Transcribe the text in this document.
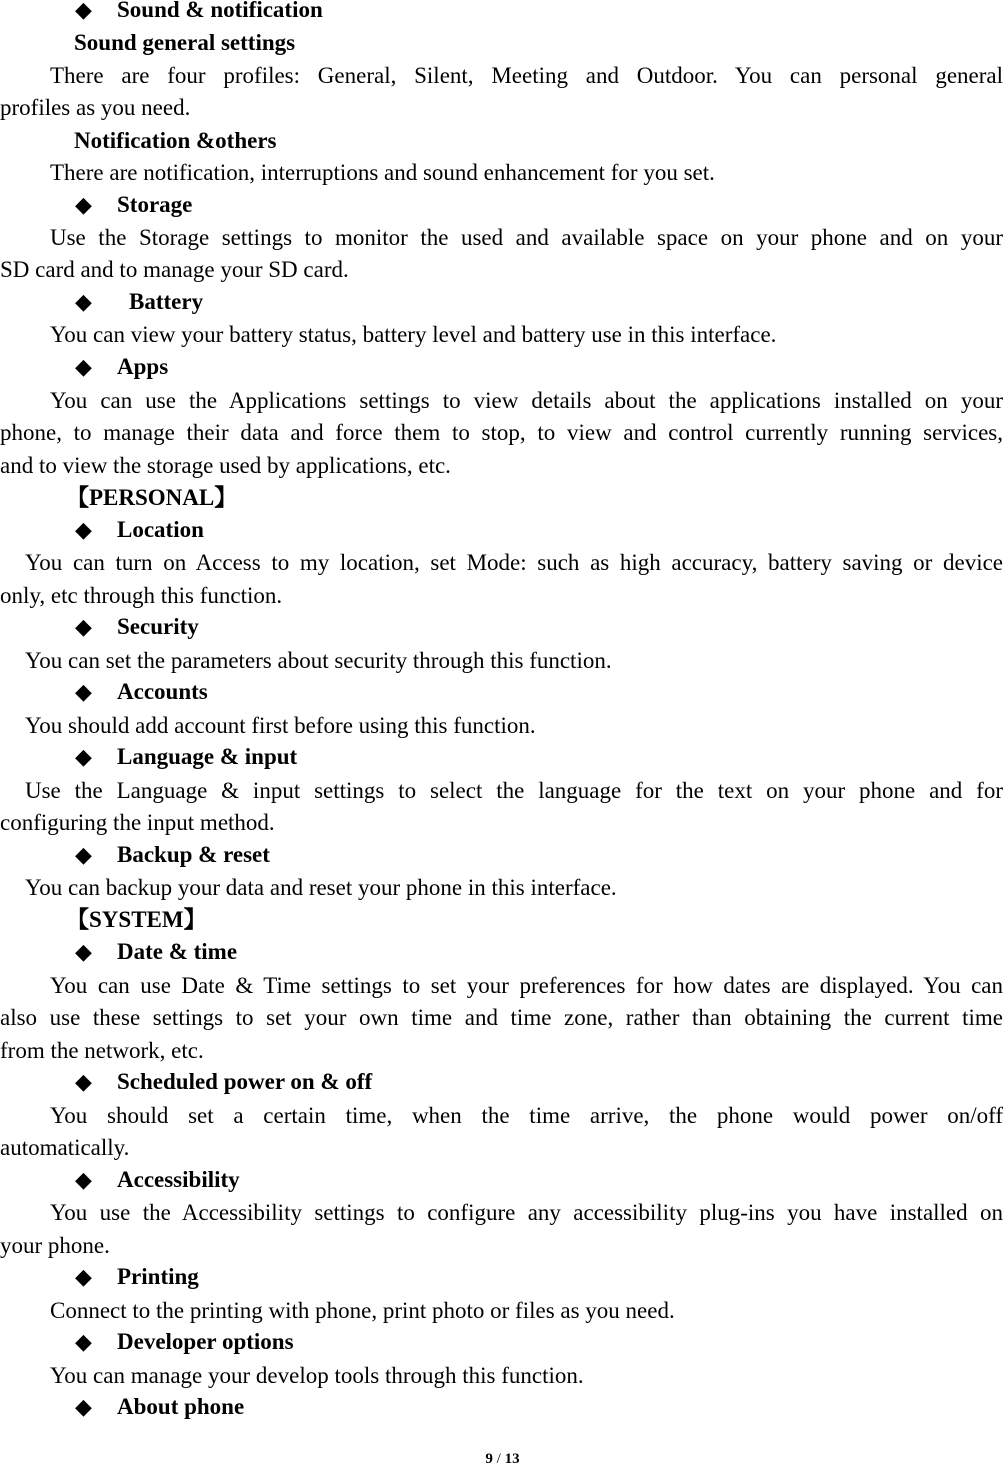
◆ Sound & notification
Sound general settings
There are four profiles: General, Silent, Meeting and Outdoor. You can personal general
profiles as you need.
Notification &others
There are notification, interruptions and sound enhancement for you set.
◆ Storage
Use the Storage settings to monitor the used and available space on your phone and on your
SD card and to manage your SD card.
◆ Battery
You can view your battery status, battery level and battery use in this interface.
◆ Apps
You can use the Applications settings to view details about the applications installed on your
phone, to manage their data and force them to stop, to view and control currently running services,
and to view the storage used by applications, etc.
【PERSONAL】
◆ Location
You can turn on Access to my location, set Mode: such as high accuracy, battery saving or device
only, etc through this function.
◆ Security
You can set the parameters about security through this function.
◆ Accounts
You should add account first before using this function.
◆ Language & input
Use the Language & input settings to select the language for the text on your phone and for
configuring the input method.
◆ Backup & reset
You can backup your data and reset your phone in this interface.
【SYSTEM】
◆ Date & time
You can use Date & Time settings to set your preferences for how dates are displayed. You can
also use these settings to set your own time and time zone, rather than obtaining the current time
from the network, etc.
◆ Scheduled power on & off
You should set a certain time, when the time arrive, the phone would power on/off
automatically.
◆ Accessibility
You use the Accessibility settings to configure any accessibility plug-ins you have installed on
your phone.
◆ Printing
Connect to the printing with phone, print photo or files as you need.
◆ Developer options
You can manage your develop tools through this function.
◆ About phone
9 / 13
